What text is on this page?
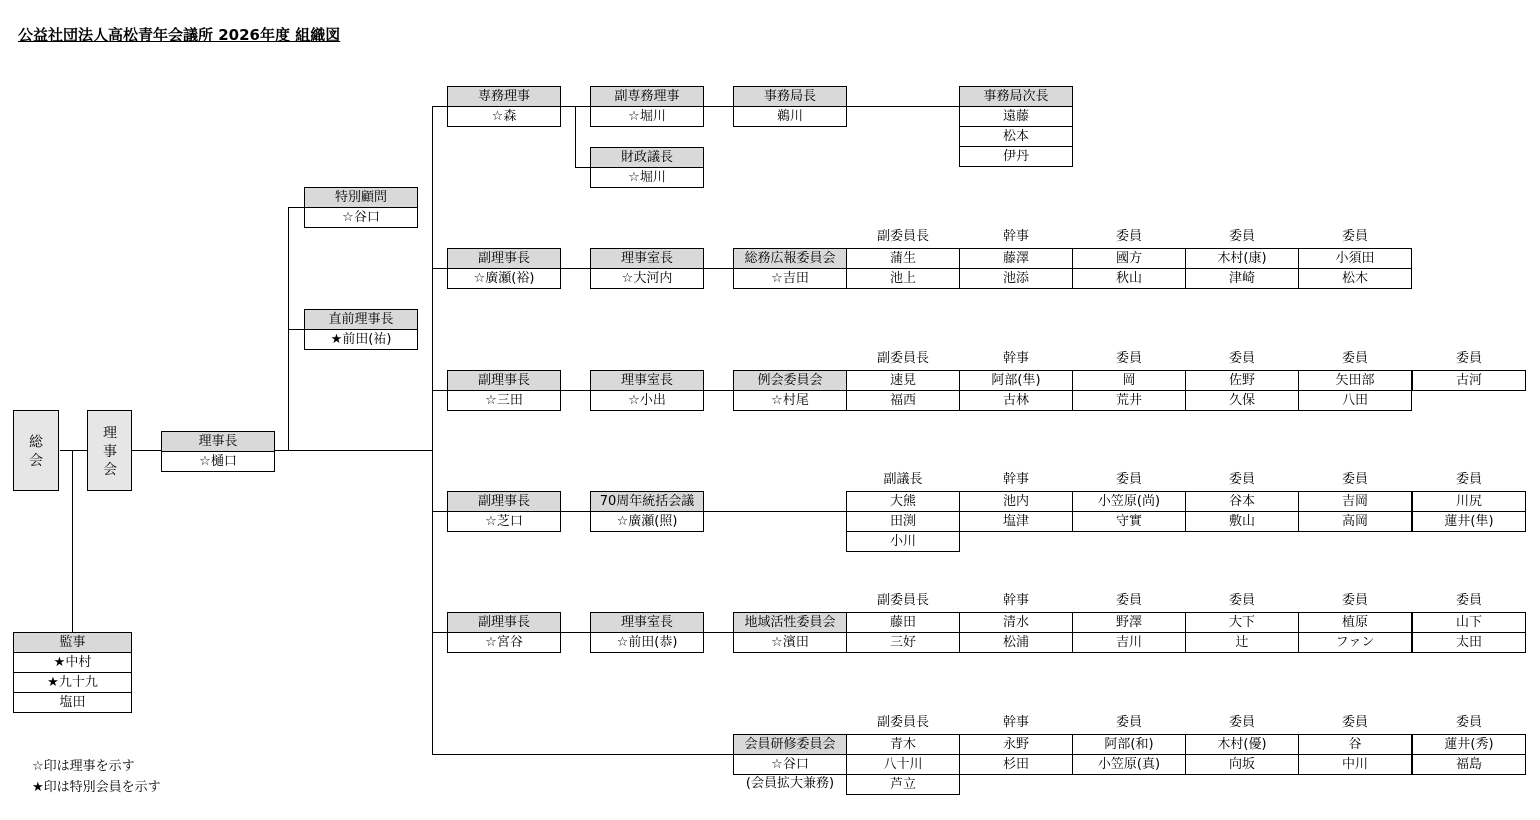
公益社団法人高松青年会議所 2026年度 組織図
総 会	理 事 会	理事長
☆樋口
特別顧問
☆谷口
直前理事長
★前田(祐)
監事
★中村
★九十九
塩田
☆印は理事を示す
★印は特別会員を示す
専務理事
☆森
副専務理事
☆堀川
財政議長
☆堀川
事務局長
鵜川
事務局次長
遠藤
松本
伊丹
副理事長
☆廣瀬(裕)
理事室長
☆大河内
総務広報委員会
☆吉田
副委員長	幹事	委員	委員	委員
蒲生	藤澤	國方	木村(康)	小須田
池上	池添	秋山	津崎	松木
副理事長
☆三田
理事室長
☆小出
例会委員会
☆村尾
副委員長	幹事	委員	委員	委員	委員
速見	阿部(隼)	岡	佐野	矢田部	古河
福西	古林	荒井	久保	八田
副理事長
☆芝口
70周年統括会議
☆廣瀬(照)
副議長	幹事	委員	委員	委員	委員
大熊	池内	小笠原(尚)	谷本	吉岡	川尻
田渕	塩津	守實	敷山	高岡	蓮井(隼)
小川
副理事長
☆宮谷
理事室長
☆前田(恭)
地域活性委員会
☆濱田
副委員長	幹事	委員	委員	委員	委員
藤田	清水	野澤	大下	植原	山下
三好	松浦	吉川	辻	ファン	太田
会員研修委員会
☆谷口
(会員拡大兼務)
副委員長	幹事	委員	委員	委員	委員
青木	永野	阿部(和)	木村(優)	谷	蓮井(秀)
八十川	杉田	小笠原(真)	向坂	中川	福島
芦立
